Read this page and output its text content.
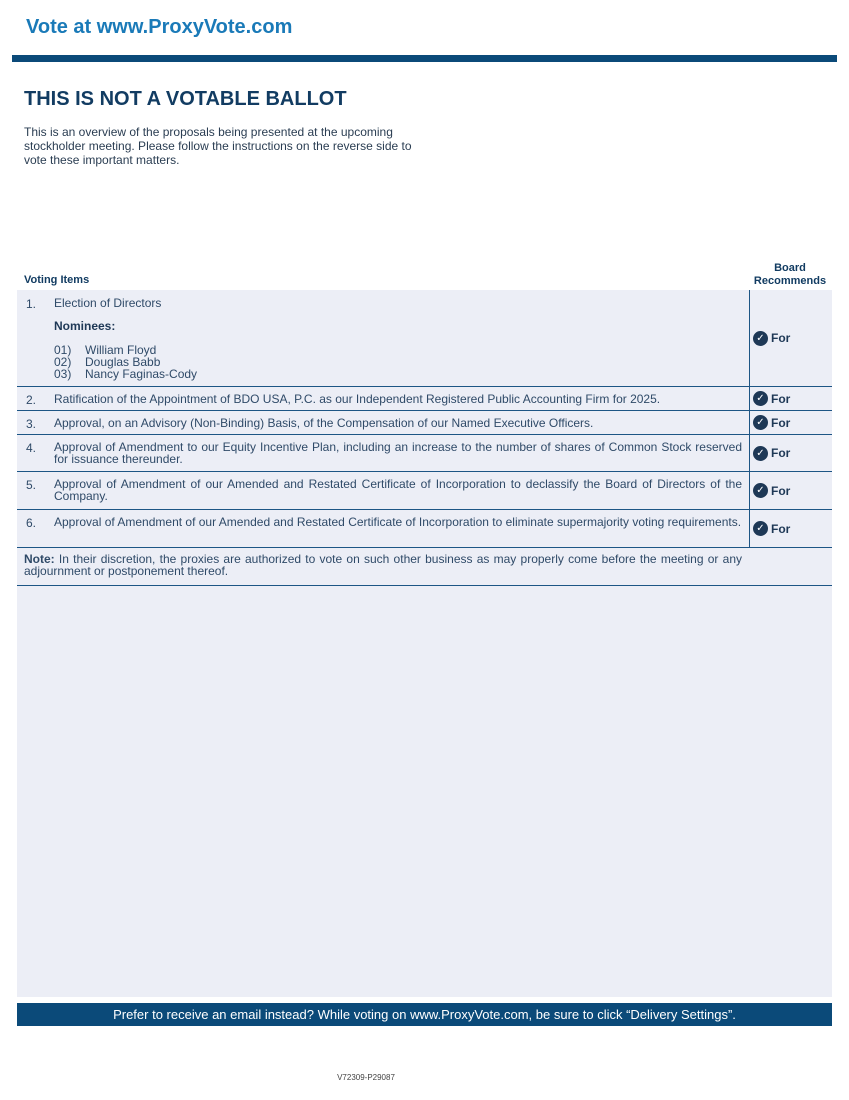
Vote at www.ProxyVote.com
THIS IS NOT A VOTABLE BALLOT
This is an overview of the proposals being presented at the upcoming stockholder meeting. Please follow the instructions on the reverse side to vote these important matters.
Voting Items
Board
Recommends
1. Election of Directors
Nominees:
01) William Floyd
02) Douglas Babb
03) Nancy Faginas-Cody
✓ For
2. Ratification of the Appointment of BDO USA, P.C. as our Independent Registered Public Accounting Firm for 2025.	✓ For
3. Approval, on an Advisory (Non-Binding) Basis, of the Compensation of our Named Executive Officers.	✓ For
4. Approval of Amendment to our Equity Incentive Plan, including an increase to the number of shares of Common Stock reserved for issuance thereunder.	✓ For
5. Approval of Amendment of our Amended and Restated Certificate of Incorporation to declassify the Board of Directors of the Company.	✓ For
6. Approval of Amendment of our Amended and Restated Certificate of Incorporation to eliminate supermajority voting requirements.	✓ For
Note: In their discretion, the proxies are authorized to vote on such other business as may properly come before the meeting or any adjournment or postponement thereof.
Prefer to receive an email instead? While voting on www.ProxyVote.com, be sure to click “Delivery Settings”.
V72309-P29087
